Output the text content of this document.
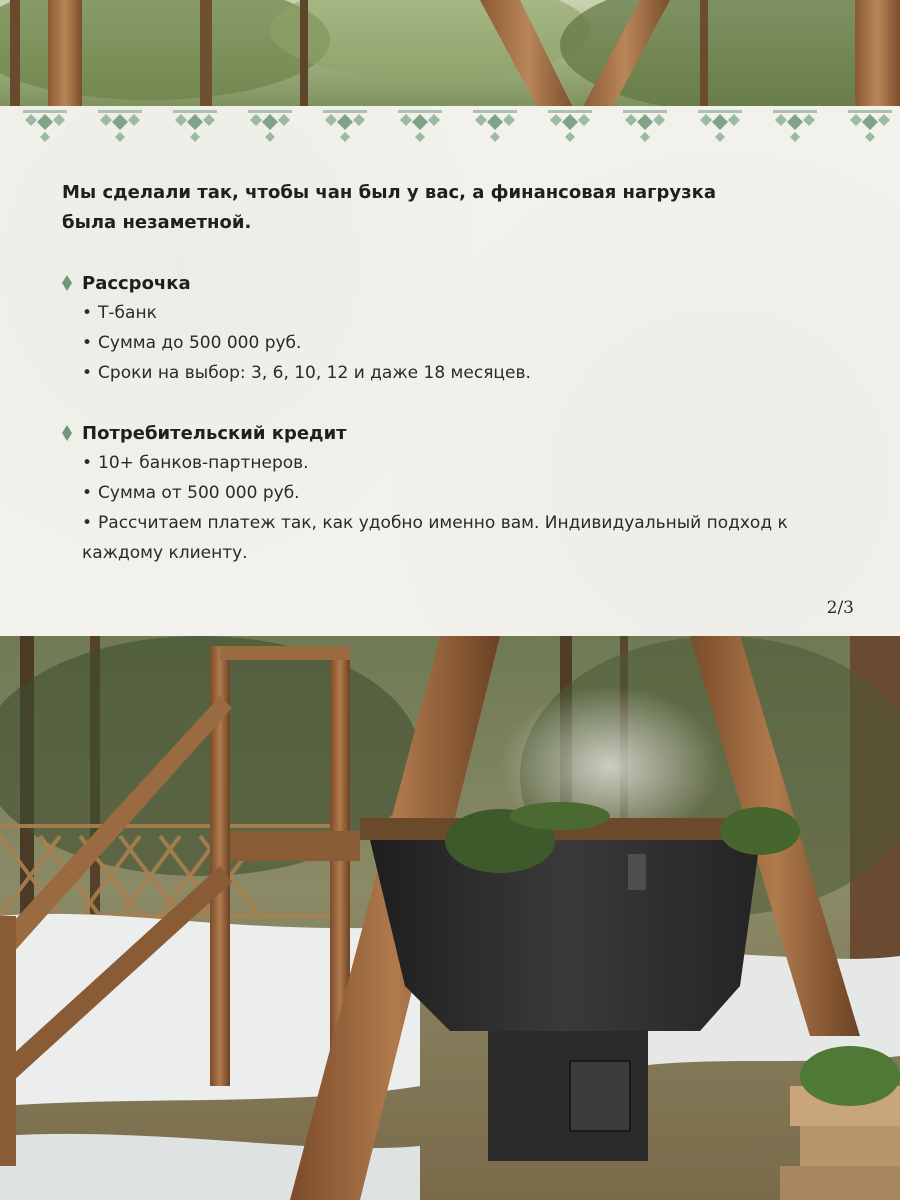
Мы сделали так, чтобы чан был у вас, а финансовая нагрузка
была незаметной.

Рассрочка
• Т-банк
• Сумма до 500 000 руб.
• Сроки на выбор: 3, 6, 10, 12 и даже 18 месяцев.
Потребительский кредит
• 10+ банков-партнеров.
• Сумма от 500 000 руб.
• Рассчитаем платеж так, как удобно именно вам. Индивидуальный подход к каждому клиенту.
2/3
